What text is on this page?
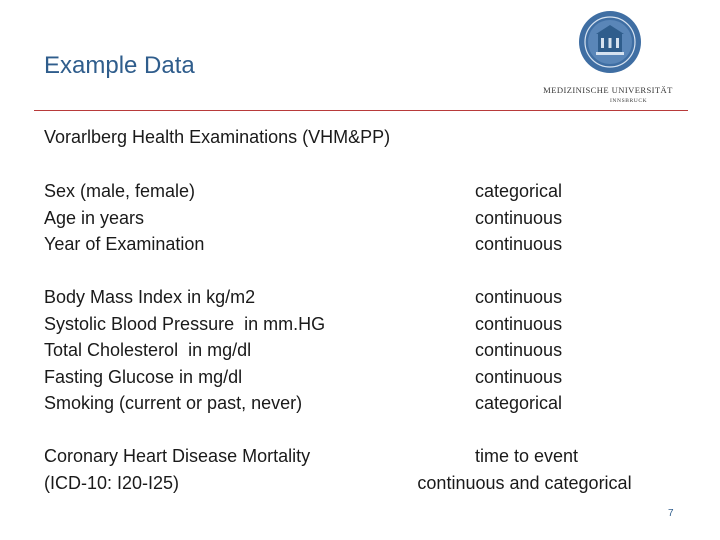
Example Data
MEDIZINISCHE UNIVERSITÄT
INNSBRUCK
Vorarlberg Health Examinations (VHM&PP)
Sex (male, female)
Age in years
Year of Examination
categorical
continuous
continuous
Body Mass Index in kg/m2
Systolic Blood Pressure  in mm.HG
Total Cholesterol  in mg/dl
Fasting Glucose in mg/dl
Smoking (current or past, never)
continuous
continuous
continuous
continuous
categorical
Coronary Heart Disease Mortality
(ICD-10: I20-I25)
time to event
continuous and categorical
7
